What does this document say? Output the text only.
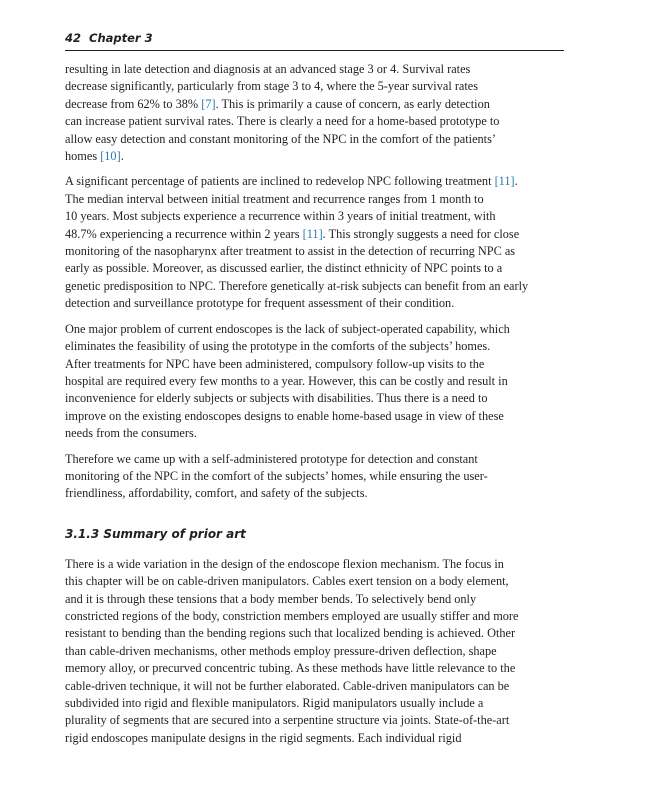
42 Chapter 3

resulting in late detection and diagnosis at an advanced stage 3 or 4. Survival rates
decrease significantly, particularly from stage 3 to 4, where the 5-year survival rates
decrease from 62% to 38% [7]. This is primarily a cause of concern, as early detection
can increase patient survival rates. There is clearly a need for a home-based prototype to
allow easy detection and constant monitoring of the NPC in the comfort of the patients’
homes [10].

A significant percentage of patients are inclined to redevelop NPC following treatment [11].
The median interval between initial treatment and recurrence ranges from 1 month to
10 years. Most subjects experience a recurrence within 3 years of initial treatment, with
48.7% experiencing a recurrence within 2 years [11]. This strongly suggests a need for close
monitoring of the nasopharynx after treatment to assist in the detection of recurring NPC as
early as possible. Moreover, as discussed earlier, the distinct ethnicity of NPC points to a
genetic predisposition to NPC. Therefore genetically at-risk subjects can benefit from an early
detection and surveillance prototype for frequent assessment of their condition.

One major problem of current endoscopes is the lack of subject-operated capability, which
eliminates the feasibility of using the prototype in the comforts of the subjects’ homes.
After treatments for NPC have been administered, compulsory follow-up visits to the
hospital are required every few months to a year. However, this can be costly and result in
inconvenience for elderly subjects or subjects with disabilities. Thus there is a need to
improve on the existing endoscopes designs to enable home-based usage in view of these
needs from the consumers.

Therefore we came up with a self-administered prototype for detection and constant
monitoring of the NPC in the comfort of the subjects’ homes, while ensuring the user-
friendliness, affordability, comfort, and safety of the subjects.

3.1.3 Summary of prior art

There is a wide variation in the design of the endoscope flexion mechanism. The focus in
this chapter will be on cable-driven manipulators. Cables exert tension on a body element,
and it is through these tensions that a body member bends. To selectively bend only
constricted regions of the body, constriction members employed are usually stiffer and more
resistant to bending than the bending regions such that localized bending is achieved. Other
than cable-driven mechanisms, other methods employ pressure-driven deflection, shape
memory alloy, or precurved concentric tubing. As these methods have little relevance to the
cable-driven technique, it will not be further elaborated. Cable-driven manipulators can be
subdivided into rigid and flexible manipulators. Rigid manipulators usually include a
plurality of segments that are secured into a serpentine structure via joints. State-of-the-art
rigid endoscopes manipulate designs in the rigid segments. Each individual rigid
